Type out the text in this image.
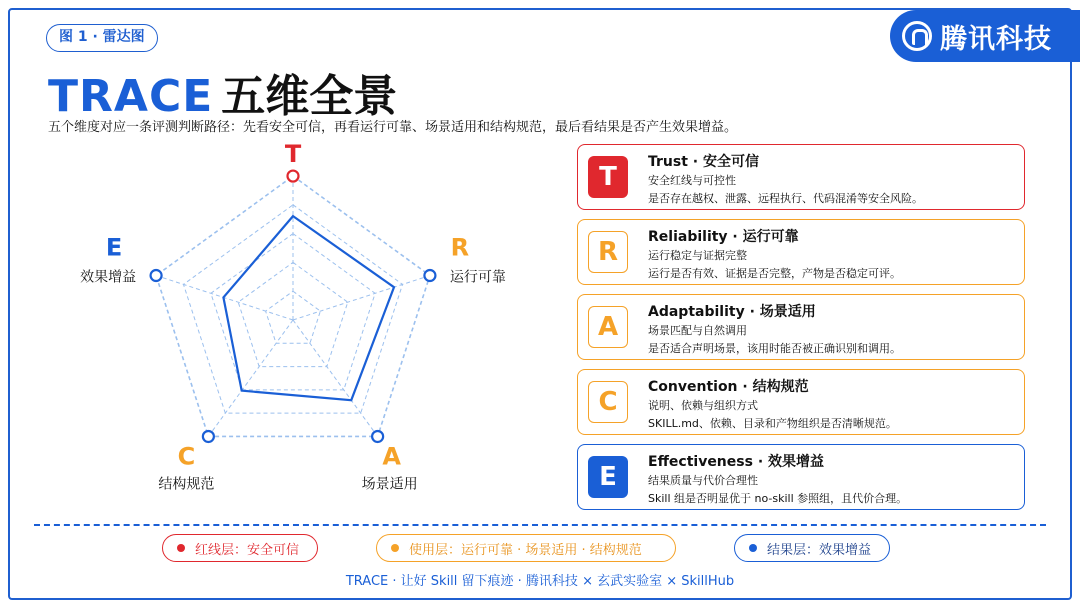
图 1 · 雷达图	腾讯科技
TRACE 五维全景
五个维度对应一条评测判断路径：先看安全可信，再看运行可靠、场景适用和结构规范，最后看结果是否产生效果增益。
T
运行可靠
R
场景适用
A
结构规范
C
效果增益
E
T	Trust · 安全可信
安全红线与可控性
是否存在越权、泄露、远程执行、代码混淆等安全风险。
R	Reliability · 运行可靠
运行稳定与证据完整
运行是否有效、证据是否完整，产物是否稳定可评。
A	Adaptability · 场景适用
场景匹配与自然调用
是否适合声明场景，该用时能否被正确识别和调用。
C	Convention · 结构规范
说明、依赖与组织方式
SKILL.md、依赖、目录和产物组织是否清晰规范。
E	Effectiveness · 效果增益
结果质量与代价合理性
Skill 组是否明显优于 no-skill 参照组，且代价合理。
红线层：安全可信	使用层：运行可靠 · 场景适用 · 结构规范	结果层：效果增益
TRACE · 让好 Skill 留下痕迹 · 腾讯科技 × 玄武实验室 × SkillHub
